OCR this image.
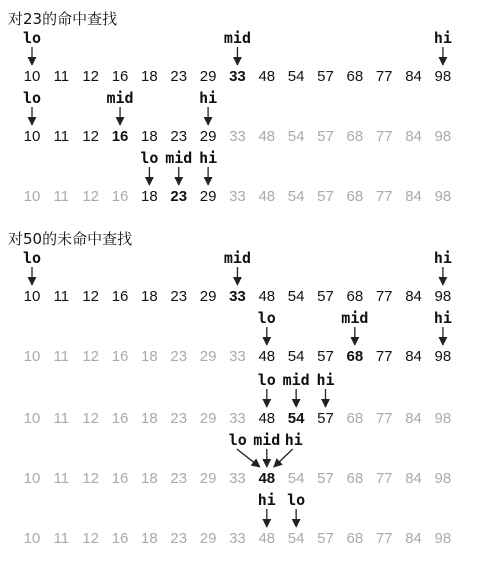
对23的命中查找
对50的未命中查找
10 11 12 16 18 23 29 33 48 54 57 68 77 84 98
lo	mid	hi
10 11 12 16 18 23 29 33 48 54 57 68 77 84 98
lo	mid	hi
10 11 12 16 18 23 29 33 48 54 57 68 77 84 98
lo mid hi
10 11 12 16 18 23 29 33 48 54 57 68 77 84 98
lo	mid	hi
10 11 12 16 18 23 29 33 48 54 57 68 77 84 98
lo	mid	hi
10 11 12 16 18 23 29 33 48 54 57 68 77 84 98
lo mid hi
10 11 12 16 18 23 29 33 48 54 57 68 77 84 98
lo mid hi
10 11 12 16 18 23 29 33 48 54 57 68 77 84 98
lo
hi
